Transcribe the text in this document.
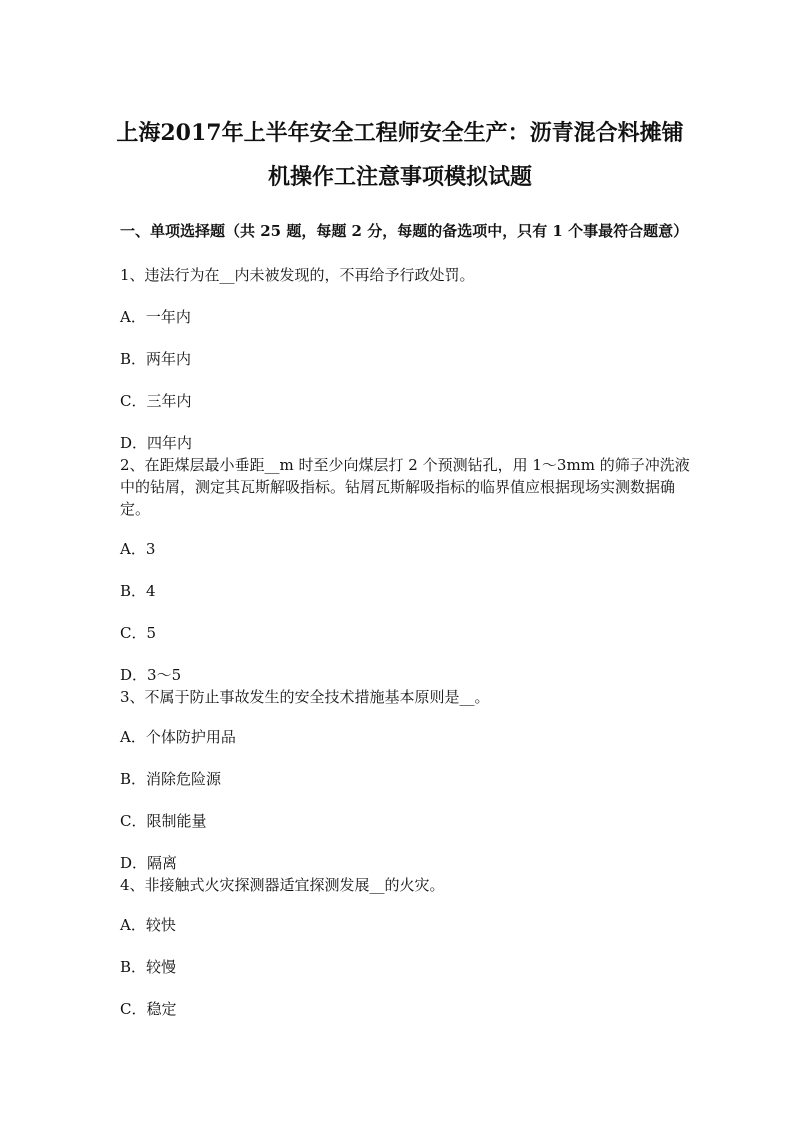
上海2017年上半年安全工程师安全生产：沥青混合料摊铺
机操作工注意事项模拟试题
一、单项选择题（共 25 题，每题 2 分，每题的备选项中，只有 1 个事最符合题意）
1、违法行为在__内未被发现的，不再给予行政处罚。
A．一年内
B．两年内
C．三年内
D．四年内
2、在距煤层最小垂距__m 时至少向煤层打 2 个预测钻孔，用 1～3mm 的筛子冲洗液中的钻屑，测定其瓦斯解吸指标。钻屑瓦斯解吸指标的临界值应根据现场实测数据确定。
A．3
B．4
C．5
D．3～5
3、不属于防止事故发生的安全技术措施基本原则是__。
A．个体防护用品
B．消除危险源
C．限制能量
D．隔离
4、非接触式火灾探测器适宜探测发展__的火灾。
A．较快
B．较慢
C．稳定
